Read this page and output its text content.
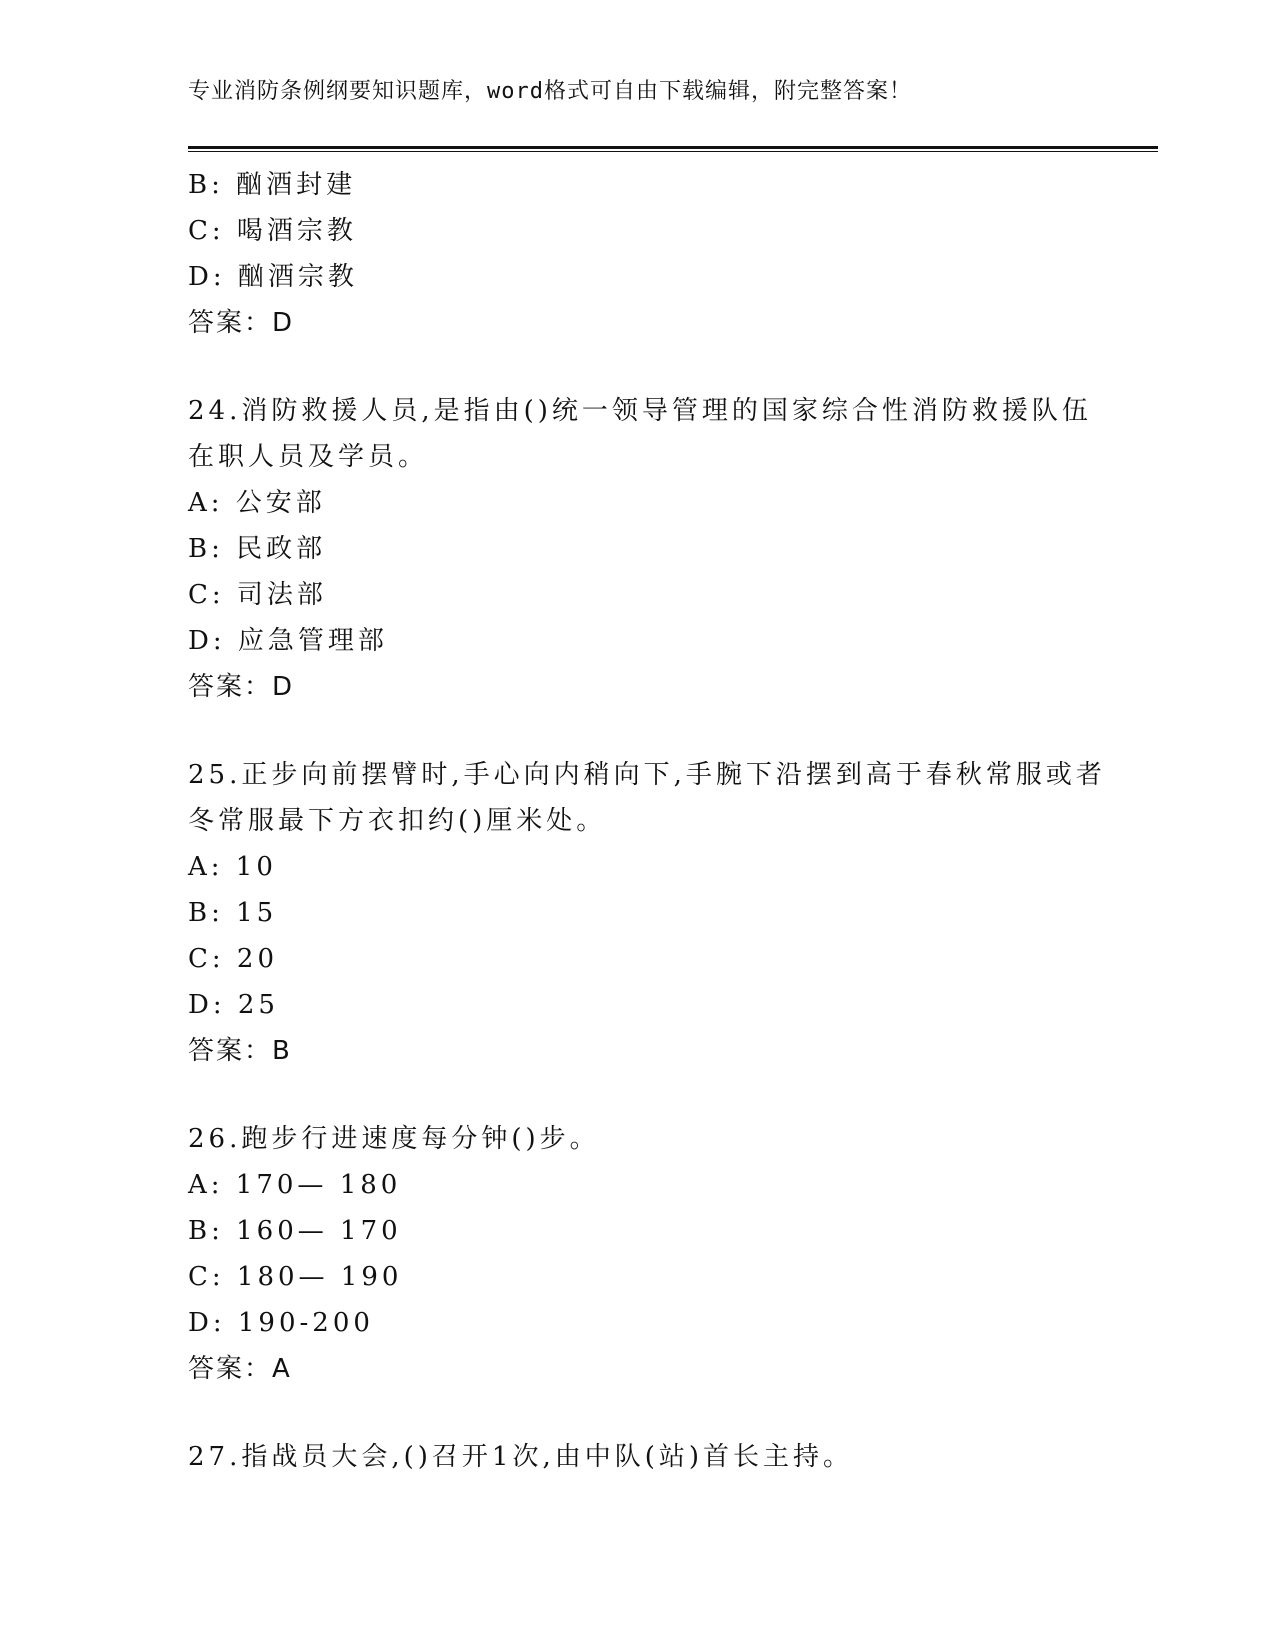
专业消防条例纲要知识题库，word格式可自由下载编辑，附完整答案！
B: 酗酒封建
C: 喝酒宗教
D: 酗酒宗教
答案：D
24.消防救援人员,是指由()统一领导管理的国家综合性消防救援队伍
在职人员及学员。
A: 公安部
B: 民政部
C: 司法部
D: 应急管理部
答案：D
25.正步向前摆臂时,手心向内稍向下,手腕下沿摆到高于春秋常服或者
冬常服最下方衣扣约()厘米处。
A: 10
B: 15
C: 20
D: 25
答案：B
26.跑步行进速度每分钟()步。
A: 170— 180
B: 160— 170
C: 180— 190
D: 190-200
答案：A
27.指战员大会,()召开1次,由中队(站)首长主持。
